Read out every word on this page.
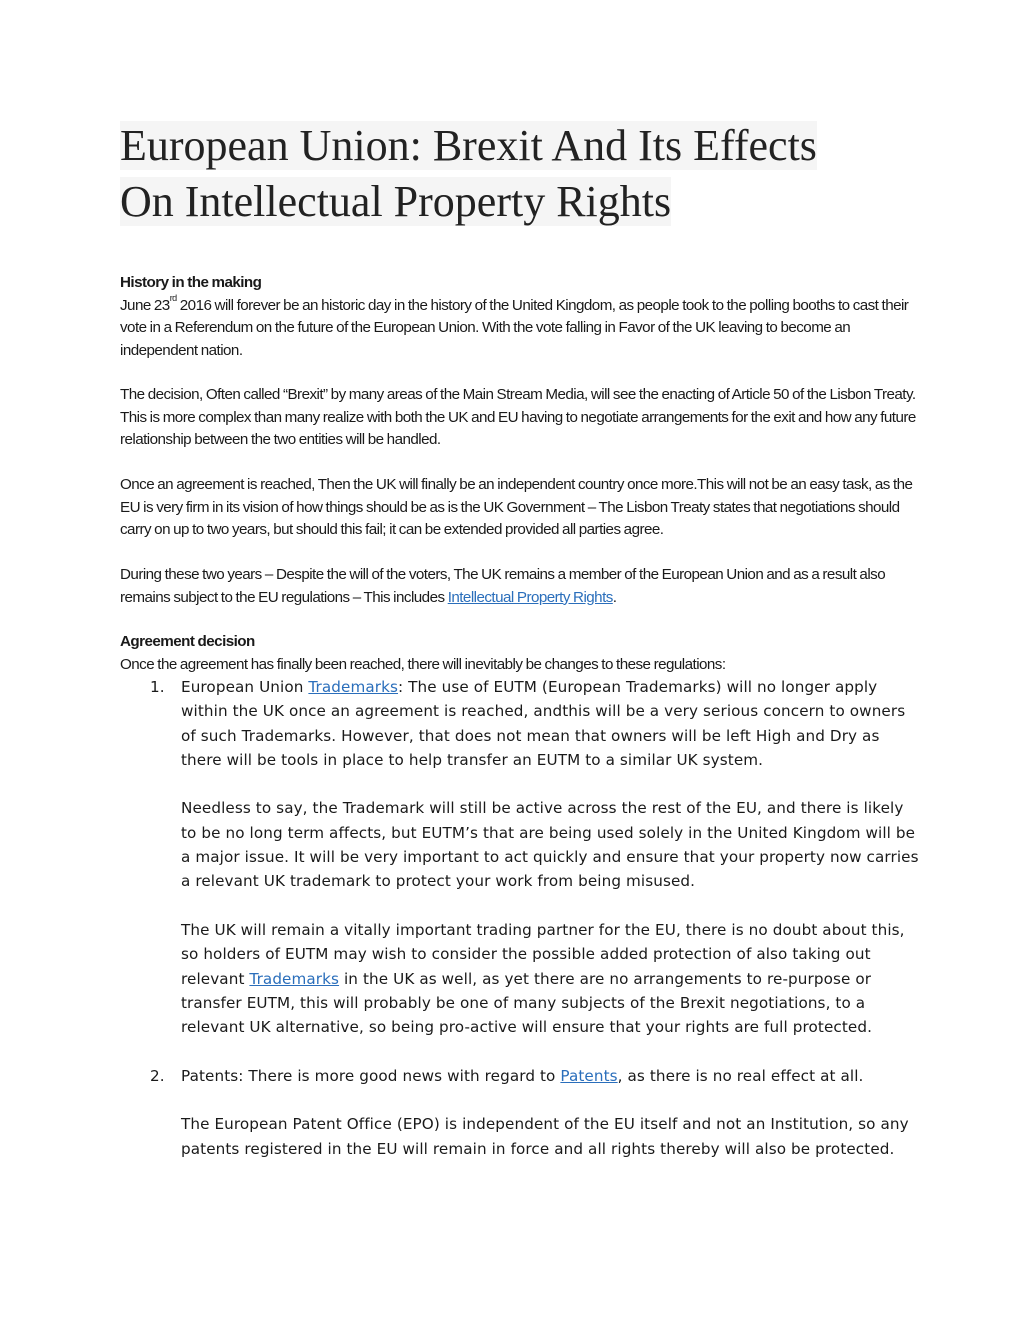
European Union: Brexit And Its Effects
On Intellectual Property Rights

History in the making

June 23rd 2016 will forever be an historic day in the history of the United Kingdom, as people took to the polling booths to cast their vote in a Referendum on the future of the European Union. With the vote falling in Favor of the UK leaving to become an independent nation.

The decision, Often called “Brexit” by many areas of the Main Stream Media, will see the enacting of Article 50 of the Lisbon Treaty. This is more complex than many realize with both the UK and EU having to negotiate arrangements for the exit and how any future relationship between the two entities will be handled.

Once an agreement is reached, Then the UK will finally be an independent country once more.This will not be an easy task, as the EU is very firm in its vision of how things should be as is the UK Government – The Lisbon Treaty states that negotiations should carry on up to two years, but should this fail; it can be extended provided all parties agree.

During these two years – Despite the will of the voters, The UK remains a member of the European Union and as a result also remains subject to the EU regulations – This includes Intellectual Property Rights.

Agreement decision

Once the agreement has finally been reached, there will inevitably be changes to these regulations:

1. European Union Trademarks: The use of EUTM (European Trademarks) will no longer apply within the UK once an agreement is reached, andthis will be a very serious concern to owners of such Trademarks. However, that does not mean that owners will be left High and Dry as there will be tools in place to help transfer an EUTM to a similar UK system.

Needless to say, the Trademark will still be active across the rest of the EU, and there is likely to be no long term affects, but EUTM’s that are being used solely in the United Kingdom will be a major issue. It will be very important to act quickly and ensure that your property now carries a relevant UK trademark to protect your work from being misused.

The UK will remain a vitally important trading partner for the EU, there is no doubt about this, so holders of EUTM may wish to consider the possible added protection of also taking out relevant Trademarks in the UK as well, as yet there are no arrangements to re-purpose or transfer EUTM, this will probably be one of many subjects of the Brexit negotiations, to a relevant UK alternative, so being pro-active will ensure that your rights are full protected.

2. Patents: There is more good news with regard to Patents, as there is no real effect at all.

The European Patent Office (EPO) is independent of the EU itself and not an Institution, so any patents registered in the EU will remain in force and all rights thereby will also be protected.
